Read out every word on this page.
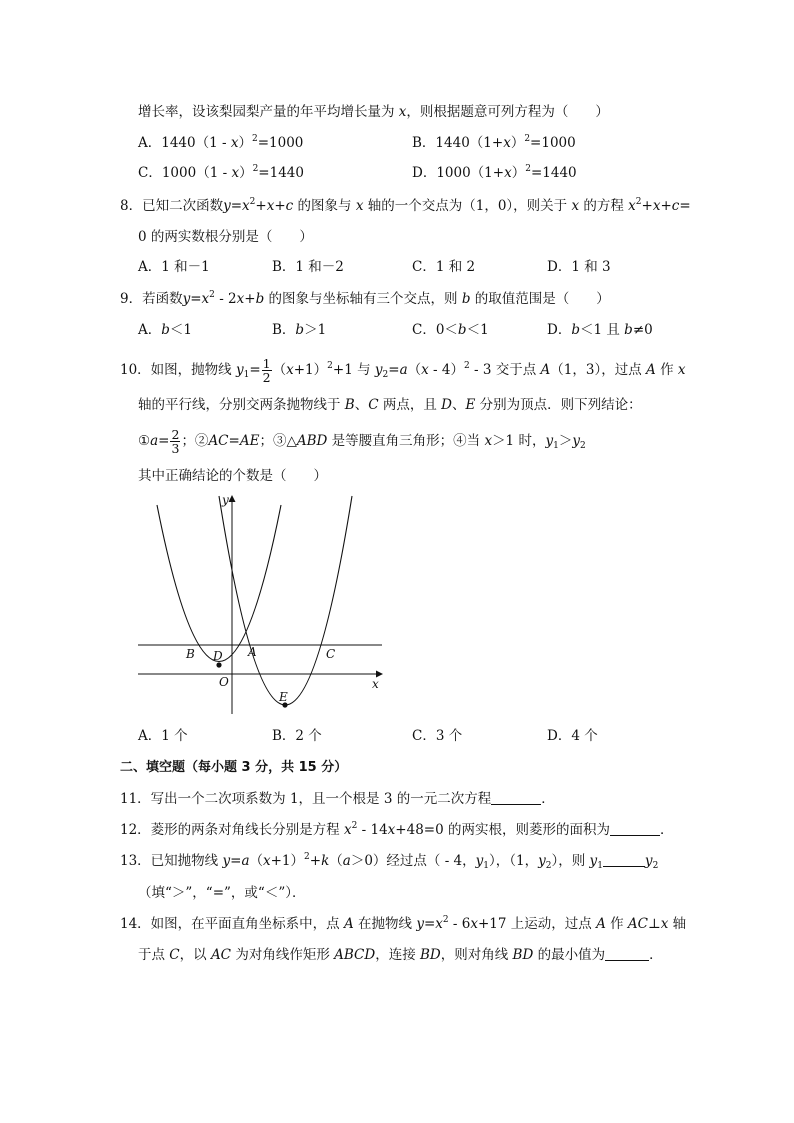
增长率，设该梨园梨产量的年平均增长量为 x，则根据题意可列方程为（　　）
A．1440（1 - x）$^2$=1000	B．$1440(1+x)^2=1000$
C．1000（1 - x）$^2$=1440	D．$1000(1+x)^2=1440$
8．已知二次函数$y=x^2+x+c$ 的图象与 x 轴的一个交点为（1，0），则关于 x 的方程 $x^2+x+c=$
0 的两实数根分别是（　　）
A．1 和－1	B．1 和－2	C．1 和 2	D．1 和 3
9．若函数$y=x^2 - 2x+b$ 的图象与坐标轴有三个交点，则 b 的取值范围是（　　）
A．b＜1	B．b＞1	C．0＜b＜1	D．b＜1 且 b≠0
10．如图，抛物线 $y_1= \frac{1}{2} (x+1)^2+1$ 与 $y_2=a(x - 4)^2 - 3$ 交于点 A（1，3），过点 A 作 x
轴的平行线，分别交两条抛物线于 B、C 两点，且 D、E 分别为顶点．则下列结论：
①a= $\frac{2}{3}$ ；②AC=AE；③△ABD 是等腰直角三角形；④当 x＞1 时，$y_1>y_2$
其中正确结论的个数是（　　）
y
x
O
A
B	C
D
E
A．1 个	B．2 个	C．3 个	D．4 个
二、填空题（每小题 3 分，共 15 分）
11．写出一个二次项系数为 1，且一个根是 3 的一元二次方程	．
12．菱形的两条对角线长分别是方程 $x^2 - 14x+48=0$ 的两实根，则菱形的面积为	．
13．已知抛物线 $y=a(x+1)^2+k(a>0)$经过点（ - 4，$y_1$），（1，$y_2$），则 $y_1$	$y_2$
（填“＞”，“=”，或“＜”）．
14．如图，在平面直角坐标系中，点 A 在抛物线 $y=x^2 - 6x+17$ 上运动，过点 A 作 AC⊥x 轴
于点 C，以 AC 为对角线作矩形 ABCD，连接 BD，则对角线 BD 的最小值为	．
